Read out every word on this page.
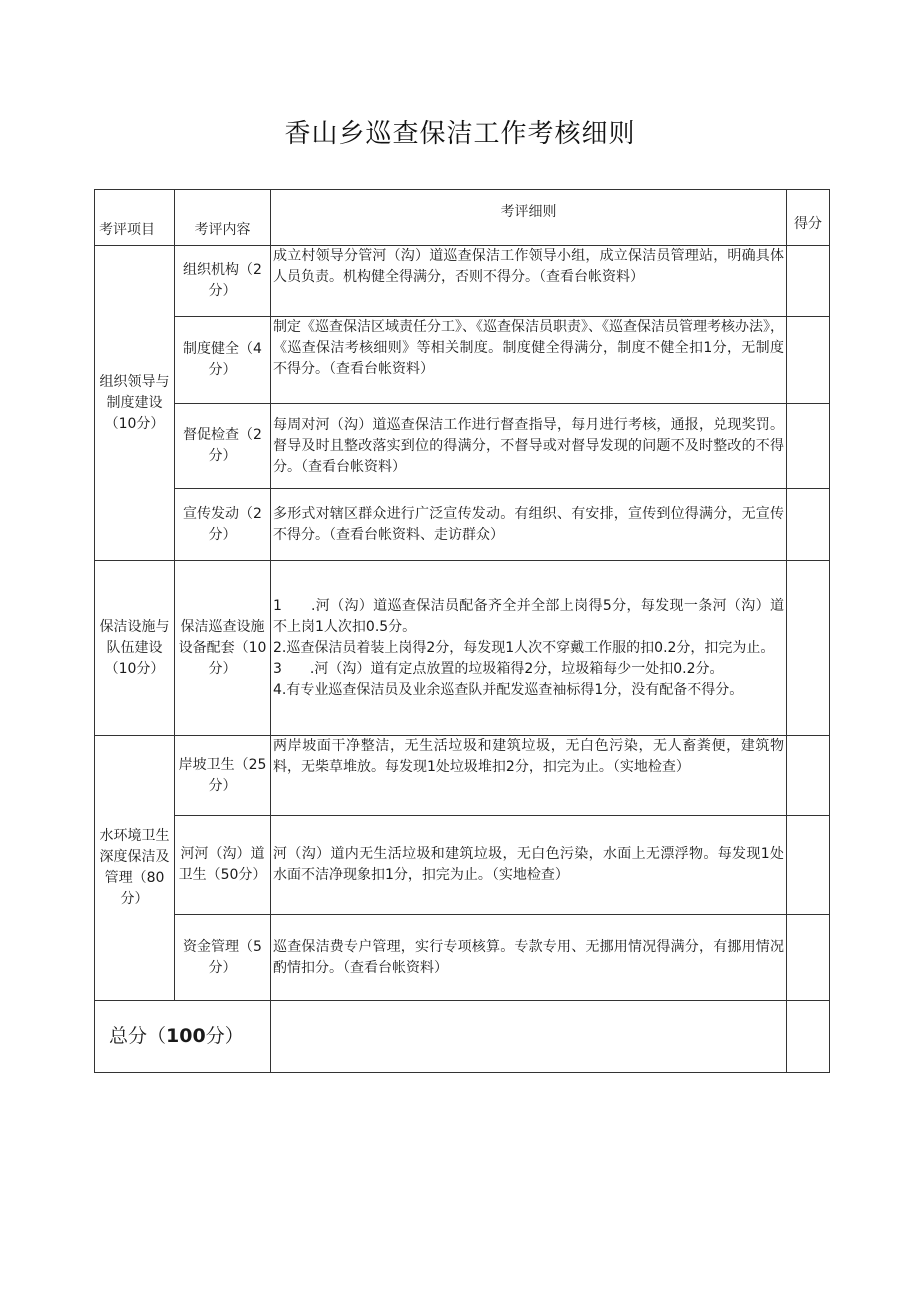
香山乡巡查保洁工作考核细则
考评项目	考评内容	考评细则	得分
组织领导与制度建设（10分）	组织机构（2分）	成立村领导分管河（沟）道巡查保洁工作领导小组，成立保洁员管理站，明确具体人员负责。机构健全得满分，否则不得分。（查看台帐资料）	
	制度健全（4分）	制定《巡查保洁区域责任分工》、《巡查保洁员职责》、《巡查保洁员管理考核办法》，《巡查保洁考核细则》等相关制度。制度健全得满分，制度不健全扣1分，无制度不得分。（查看台帐资料）	
	督促检查（2分）	每周对河（沟）道巡查保洁工作进行督查指导，每月进行考核，通报，兑现奖罚。督导及时且整改落实到位的得满分，不督导或对督导发现的问题不及时整改的不得分。（查看台帐资料）	
	宣传发动（2分）	多形式对辖区群众进行广泛宣传发动。有组织、有安排，宣传到位得满分，无宣传不得分。（查看台帐资料、走访群众）	
保洁设施与队伍建设（10分）	保洁巡查设施设备配套（10分）	1　　.河（沟）道巡查保洁员配备齐全并全部上岗得5分，每发现一条河（沟）道不上岗1人次扣0.5分。
2.巡查保洁员着装上岗得2分，每发现1人次不穿戴工作服的扣0.2分，扣完为止。
3　　.河（沟）道有定点放置的垃圾箱得2分，垃圾箱每少一处扣0.2分。
4.有专业巡查保洁员及业余巡查队并配发巡查袖标得1分，没有配备不得分。	

水环境卫生深度保洁及管理（80分）	岸坡卫生（25分）	两岸坡面干净整洁，无生活垃圾和建筑垃圾，无白色污染，无人畜粪便，建筑物料，无柴草堆放。每发现1处垃圾堆扣2分，扣完为止。（实地检查）	
	河河（沟）道卫生（50分）	河（沟）道内无生活垃圾和建筑垃圾，无白色污染，水面上无漂浮物。每发现1处水面不洁净现象扣1分，扣完为止。（实地检查）	
	资金管理（5分）	巡查保洁费专户管理，实行专项核算。专款专用、无挪用情况得满分，有挪用情况酌情扣分。（查看台帐资料）	
总分（100分）			
